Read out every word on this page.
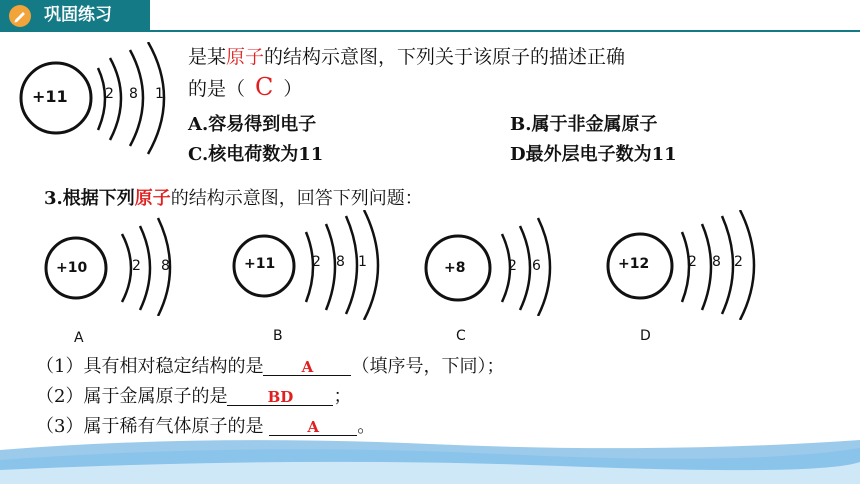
巩固练习
+11	2 8 1
是某原子的结构示意图，下列关于该原子的描述正确
的是（ C ）
A.容易得到电子	B.属于非金属原子
C.核电荷数为11	D最外层电子数为11
3.根据下列原子的结构示意图，回答下列问题：
+10	2 8
A
+11	2 8 1
B
+8	2 6
C
+12	2 8 2
D
（1）具有相对稳定结构的是	A （填序号，下同）；
（2）属于金属原子的是	BD ；
（3）属于稀有气体原子的是	A 。
